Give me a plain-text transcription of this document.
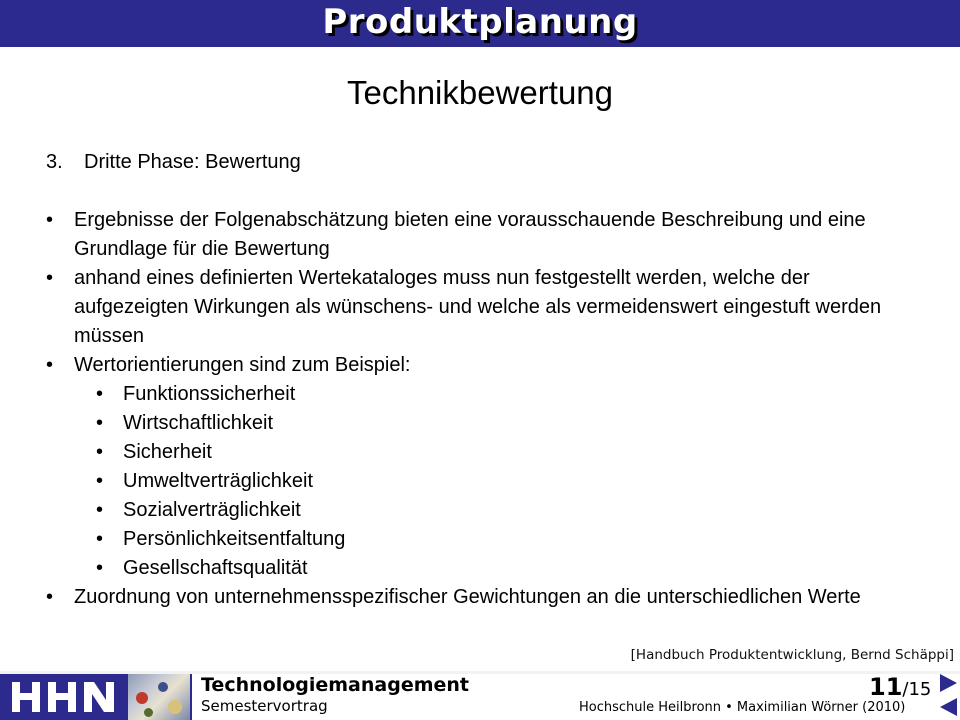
Produktplanung
Technikbewertung
3.	Dritte Phase: Bewertung
• Ergebnisse der Folgenabschätzung bieten eine vorausschauende Beschreibung und eine Grundlage für die Bewertung
• anhand eines definierten Wertekataloges muss nun festgestellt werden, welche der aufgezeigten Wirkungen als wünschens- und welche als vermeidenswert eingestuft werden müssen
• Wertorientierungen sind zum Beispiel:
• Funktionssicherheit
• Wirtschaftlichkeit
• Sicherheit
• Umweltverträglichkeit
• Sozialverträglichkeit
• Persönlichkeitsentfaltung
• Gesellschaftsqualität
• Zuordnung von unternehmensspezifischer Gewichtungen an die unterschiedlichen Werte
[Handbuch Produktentwicklung, Bernd Schäppi]
Technologiemanagement
Semestervortrag
11/15
Hochschule Heilbronn • Maximilian Wörner (2010)
